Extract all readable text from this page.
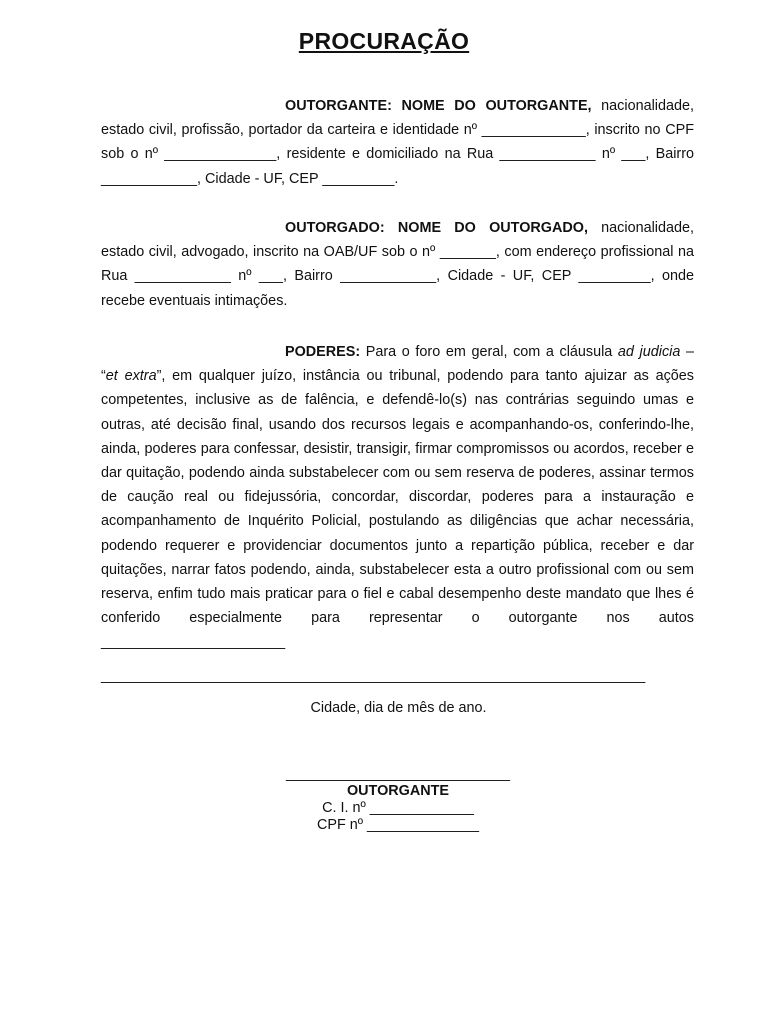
PROCURAÇÃO

OUTORGANTE: NOME DO OUTORGANTE, nacionalidade, estado civil, profissão, portador da carteira e identidade nº _____________, inscrito no CPF sob o nº ______________, residente e domiciliado na Rua ____________ nº ___, Bairro ____________, Cidade - UF, CEP _________.

OUTORGADO: NOME DO OUTORGADO, nacionalidade, estado civil, advogado, inscrito na OAB/UF sob o nº _______, com endereço profissional na Rua ____________ nº ___, Bairro ____________, Cidade - UF, CEP _________, onde recebe eventuais intimações.

PODERES: Para o foro em geral, com a cláusula ad judicia – “et extra”, em qualquer juízo, instância ou tribunal, podendo para tanto ajuizar as ações competentes, inclusive as de falência, e defendê-lo(s) nas contrárias seguindo umas e outras, até decisão final, usando dos recursos legais e acompanhando-os, conferindo-lhe, ainda, poderes para confessar, desistir, transigir, firmar compromissos ou acordos, receber e dar quitação, podendo ainda substabelecer com ou sem reserva de poderes, assinar termos de caução real ou fidejussória, concordar, discordar, poderes para a instauração e acompanhamento de Inquérito Policial, postulando as diligências que achar necessária, podendo requerer e providenciar documentos junto a repartição pública, receber e dar quitações, narrar fatos podendo, ainda, substabelecer esta a outro profissional com ou sem reserva, enfim tudo mais praticar para o fiel e cabal desempenho deste mandato que lhes é conferido especialmente para representar o outorgante nos autos _______________________

____________________________________________________________________

Cidade, dia de mês de ano.

____________________________

OUTORGANTE

C. I. nº _____________

CPF nº ______________
